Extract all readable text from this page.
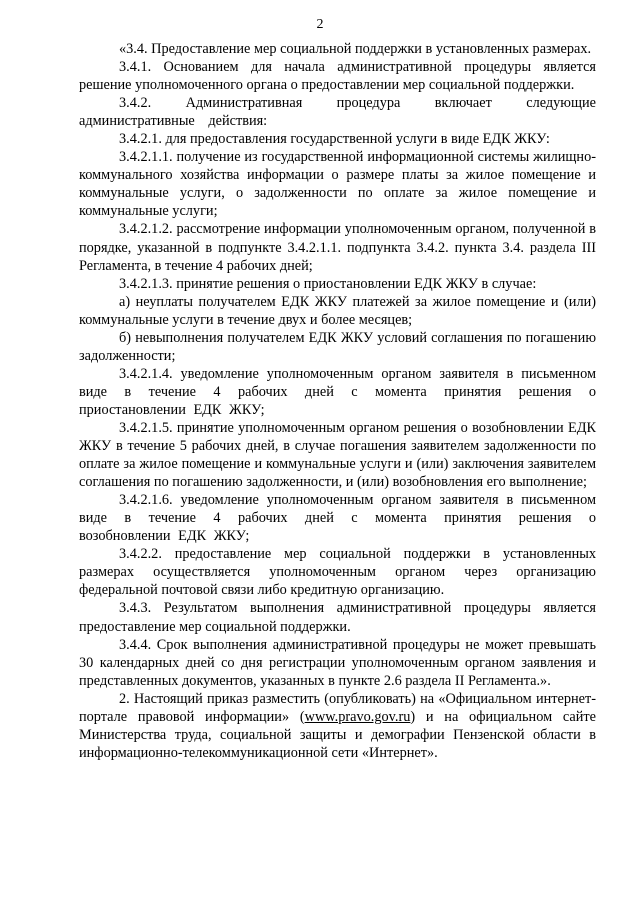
2

«3.4. Предоставление мер социальной поддержки в установленных размерах.

3.4.1. Основанием для начала административной процедуры является решение уполномоченного органа о предоставлении мер социальной поддержки.

3.4.2. Административная процедура включает следующие административные действия:

3.4.2.1. для предоставления государственной услуги в виде ЕДК ЖКУ:

3.4.2.1.1. получение из государственной информационной системы жилищно-коммунального хозяйства информации о размере платы за жилое помещение и коммунальные услуги, о задолженности по оплате за жилое помещение и коммунальные услуги;

3.4.2.1.2. рассмотрение информации уполномоченным органом, полученной в порядке, указанной в подпункте 3.4.2.1.1. подпункта 3.4.2. пункта 3.4. раздела III Регламента, в течение 4 рабочих дней;

3.4.2.1.3. принятие решения о приостановлении ЕДК ЖКУ в случае:

а) неуплаты получателем ЕДК ЖКУ платежей за жилое помещение и (или) коммунальные услуги в течение двух и более месяцев;

б) невыполнения получателем ЕДК ЖКУ условий соглашения по погашению задолженности;

3.4.2.1.4. уведомление уполномоченным органом заявителя в письменном виде в течение 4 рабочих дней с момента принятия решения о приостановлении ЕДК ЖКУ;

3.4.2.1.5. принятие уполномоченным органом решения о возобновлении ЕДК ЖКУ в течение 5 рабочих дней, в случае погашения заявителем задолженности по оплате за жилое помещение и коммунальные услуги и (или) заключения заявителем соглашения по погашению задолженности, и (или) возобновления его выполнение;

3.4.2.1.6. уведомление уполномоченным органом заявителя в письменном виде в течение 4 рабочих дней с момента принятия решения о возобновлении ЕДК ЖКУ;

3.4.2.2. предоставление мер социальной поддержки в установленных размерах осуществляется уполномоченным органом через организацию федеральной почтовой связи либо кредитную организацию.

3.4.3. Результатом выполнения административной процедуры является предоставление мер социальной поддержки.

3.4.4. Срок выполнения административной процедуры не может превышать 30 календарных дней со дня регистрации уполномоченным органом заявления и представленных документов, указанных в пункте 2.6 раздела II Регламента.».

2. Настоящий приказ разместить (опубликовать) на «Официальном интернет-портале правовой информации» (www.pravo.gov.ru) и на официальном сайте Министерства труда, социальной защиты и демографии Пензенской области в информационно-телекоммуникационной сети «Интернет».
